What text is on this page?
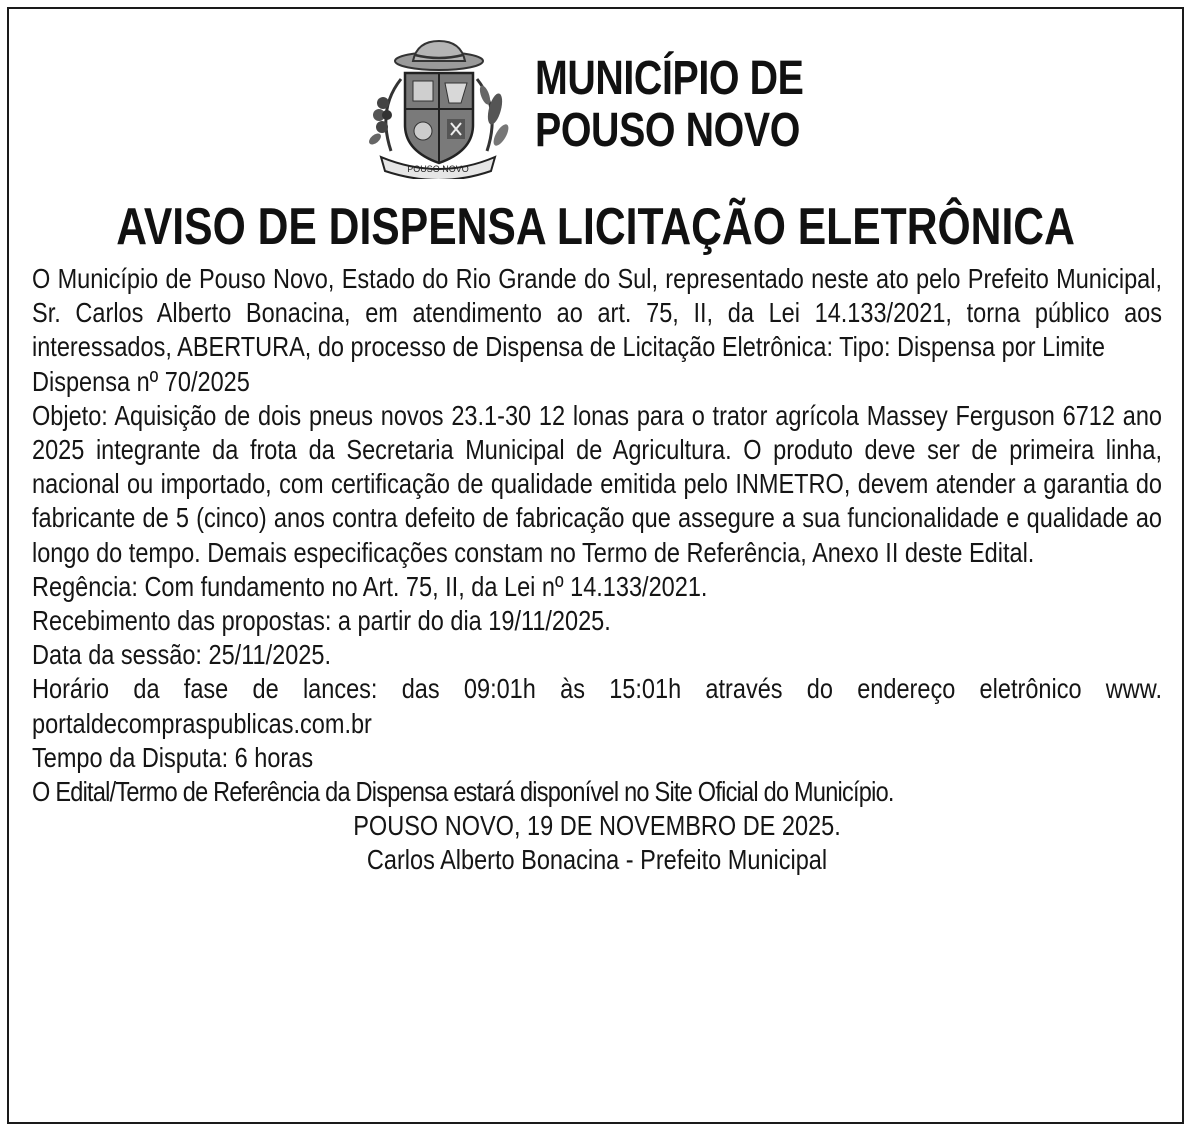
POUSO NOVO
MUNICÍPIO DE
POUSO NOVO
AVISO DE DISPENSA LICITAÇÃO ELETRÔNICA

O Município de Pouso Novo, Estado do Rio Grande do Sul, representado neste ato pelo Prefeito Municipal, Sr. Carlos Alberto Bonacina, em atendimento ao art. 75, II, da Lei 14.133/2021, torna público aos interessados, ABERTURA, do processo de Dispensa de Licitação Eletrônica: Tipo: Dispensa por Limite

Dispensa nº 70/2025

Objeto: Aquisição de dois pneus novos 23.1-30 12 lonas para o trator agrícola Massey Ferguson 6712 ano 2025 integrante da frota da Secretaria Municipal de Agricultura. O produto deve ser de primeira linha, nacional ou importado, com certificação de qualidade emitida pelo INMETRO, devem atender a garantia do fabricante de 5 (cinco) anos contra defeito de fabricação que assegure a sua funcionalidade e qualidade ao longo do tempo. Demais especificações constam no Termo de Referência, Anexo II deste Edital.

Regência: Com fundamento no Art. 75, II, da Lei nº 14.133/2021.

Recebimento das propostas: a partir do dia 19/11/2025.

Data da sessão: 25/11/2025.

Horário da fase de lances: das 09:01h às 15:01h através do endereço eletrônico www. portaldecompraspublicas.com.br

Tempo da Disputa: 6 horas

O Edital/Termo de Referência da Dispensa estará disponível no Site Oficial do Município.

POUSO NOVO, 19 DE NOVEMBRO DE 2025.

Carlos Alberto Bonacina - Prefeito Municipal
